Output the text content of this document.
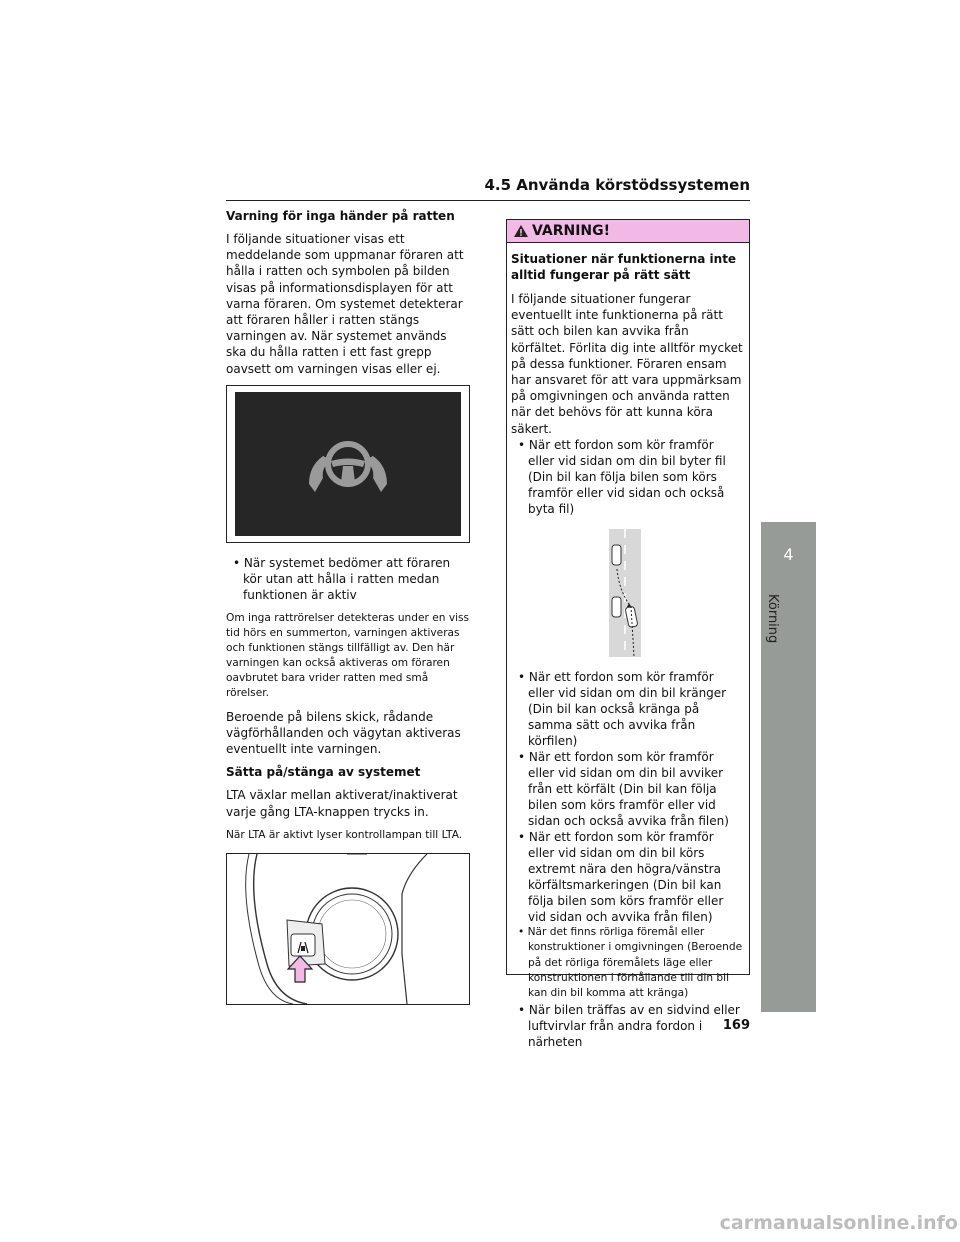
4.5 Använda körstödssystemen

Varning för inga händer på ratten

I följande situationer visas ett meddelande som uppmanar föraren att hålla i ratten och symbolen på bilden visas på informationsdisplayen för att varna föraren. Om systemet detekterar att föraren håller i ratten stängs varningen av. När systemet används ska du hålla ratten i ett fast grepp oavsett om varningen visas eller ej.

• När systemet bedömer att föraren kör utan att hålla i ratten medan funktionen är aktiv

Om inga rattrörelser detekteras under en viss tid hörs en summerton, varningen aktiveras och funktionen stängs tillfälligt av. Den här varningen kan också aktiveras om föraren oavbrutet bara vrider ratten med små rörelser.

Beroende på bilens skick, rådande vägförhållanden och vägytan aktiveras eventuellt inte varningen.

Sätta på/stänga av systemet

LTA växlar mellan aktiverat/inaktiverat varje gång LTA-knappen trycks in.

När LTA är aktivt lyser kontrollampan till LTA.

VARNING!

Situationer när funktionerna inte alltid fungerar på rätt sätt

I följande situationer fungerar eventuellt inte funktionerna på rätt sätt och bilen kan avvika från körfältet. Förlita dig inte alltför mycket på dessa funktioner. Föraren ensam har ansvaret för att vara uppmärksam på omgivningen och använda ratten när det behövs för att kunna köra säkert.

• När ett fordon som kör framför eller vid sidan om din bil byter fil (Din bil kan följa bilen som körs framför eller vid sidan och också byta fil)

• När ett fordon som kör framför eller vid sidan om din bil kränger (Din bil kan också kränga på samma sätt och avvika från körfilen)

• När ett fordon som kör framför eller vid sidan om din bil avviker från ett körfält (Din bil kan följa bilen som körs framför eller vid sidan och också avvika från filen)

• När ett fordon som kör framför eller vid sidan om din bil körs extremt nära den högra/vänstra körfältsmarkeringen (Din bil kan följa bilen som körs framför eller vid sidan och avvika från filen)

• När det finns rörliga föremål eller konstruktioner i omgivningen (Beroende på det rörliga föremålets läge eller konstruktionen i förhållande till din bil kan din bil komma att kränga)

• När bilen träffas av en sidvind eller luftvirvlar från andra fordon i närheten

4
Körning
169
carmanualsonline.info
